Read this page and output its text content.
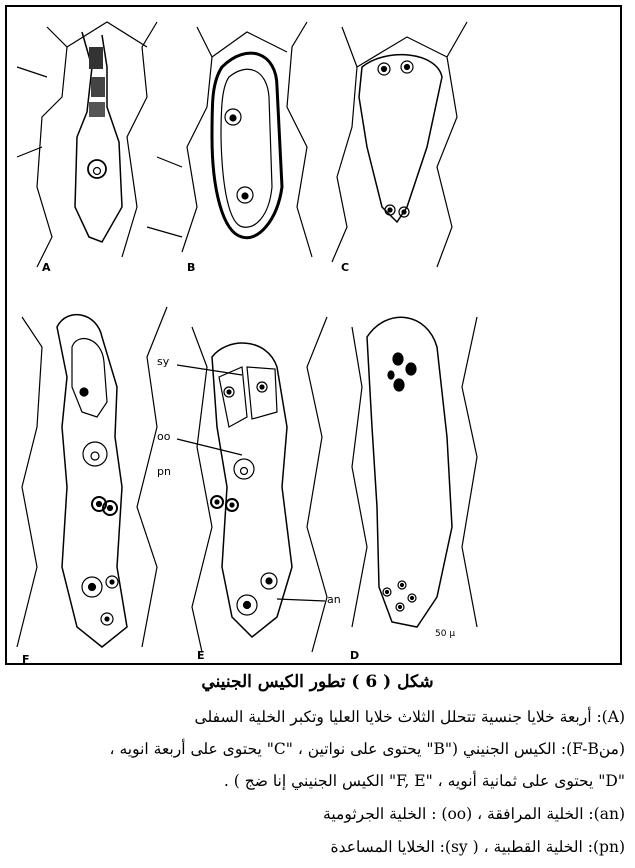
A	B	C
F	E	D
sy
oo
pn
an
50 µ
شكل ( 6 ) تطور الكيس الجنيني
(A): أربعة خلايا جنسية تتحلل الثلاث خلايا العليا وتكبر الخلية السفلى
(منF-B): الكيس الجنيني ("B" يحتوى على نواتين ، "C" يحتوى على أربعة انويه ،
"D" يحتوى على ثمانية أنويه ، "F, E" الكيس الجنيني إنا ضج ) .
(an): الخلية المرافقة ، (oo) : الخلية الجرثومية
(pn): الخلية القطبية ، ( sy): الخلايا المساعدة
